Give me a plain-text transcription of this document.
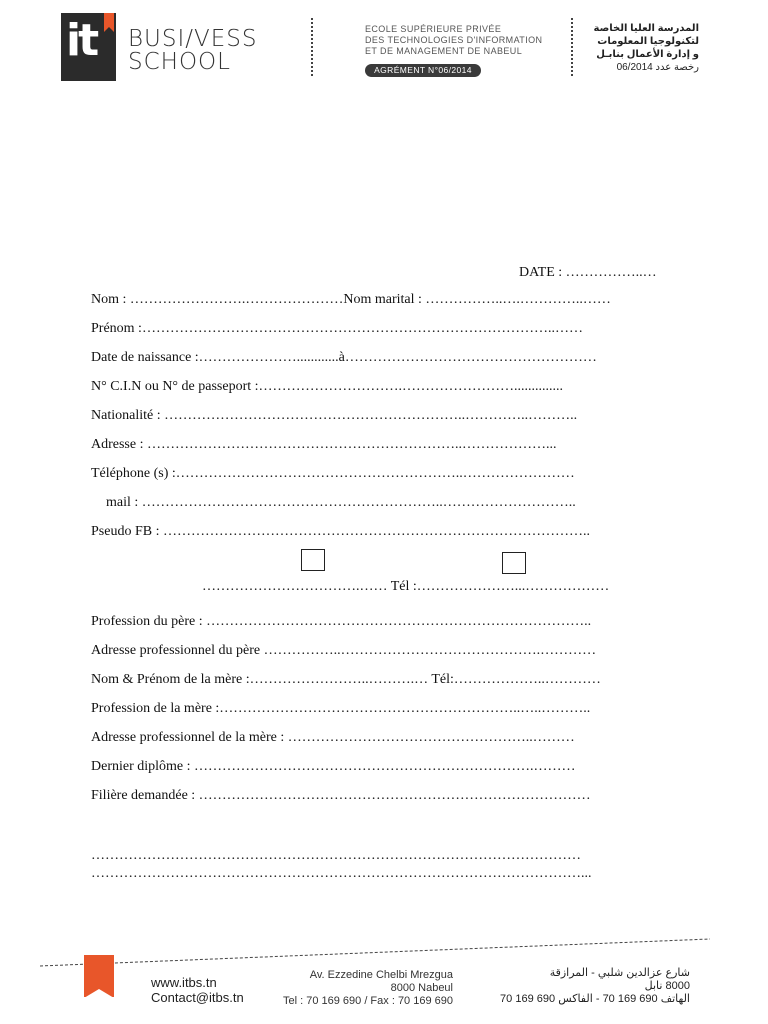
it BUSI/VESS
SCHOOL
ECOLE SUPÉRIEURE PRIVÉE
DES TECHNOLOGIES D'INFORMATION
ET DE MANAGEMENT DE NABEUL
AGRÉMENT N°06/2014
المدرسة العليا الخاصة
لتكنولوجيا المعلومات
و إدارة الأعمال بنابـل
رخصة عدد 06/2014
DATE : ……………..…
Nom : …………………….…………………Nom marital : ……………..….…………..……
Prénom :……………………………………………………………………………..……
Date de naissance :…………………............à………………………………………………
N° C.I.N ou N° de passeport :………………………….……………………..............
Nationalité : ………………………………………………………..…………..………..
Adresse : …………………………………………………………..………………...
Téléphone (s) :……………………………………………………..……………………
mail : ………………………………………………………..………………………..
Pseudo FB : ………………………………………………………………………………..
…………………………….…… Tél :…………………...………………
Profession du père : ………………………………………………………………………..
Adresse professionnel du père ……………..…………………………………….…………
Nom & Prénom de la mère :……………………..……….… Tél:………………..…………
Profession de la mère :………………………………………………………..…..………..
Adresse professionnel de la mère : ……………………………………………..………
Dernier diplôme : ……………………………………………………………….………
Filière demandée : …………………………………………………………………………
……………………………………………………………………………………………
……………………………………………………………………………………………...
www.itbs.tn
Contact@itbs.tn
Av. Ezzedine Chelbi Mrezgua
8000 Nabeul
Tel : 70 169 690 / Fax : 70 169 690
شارع عزالدين شلبي - المرازقة
8000 نابل
الهاتف 690 169 70 - الفاكس 690 169 70
